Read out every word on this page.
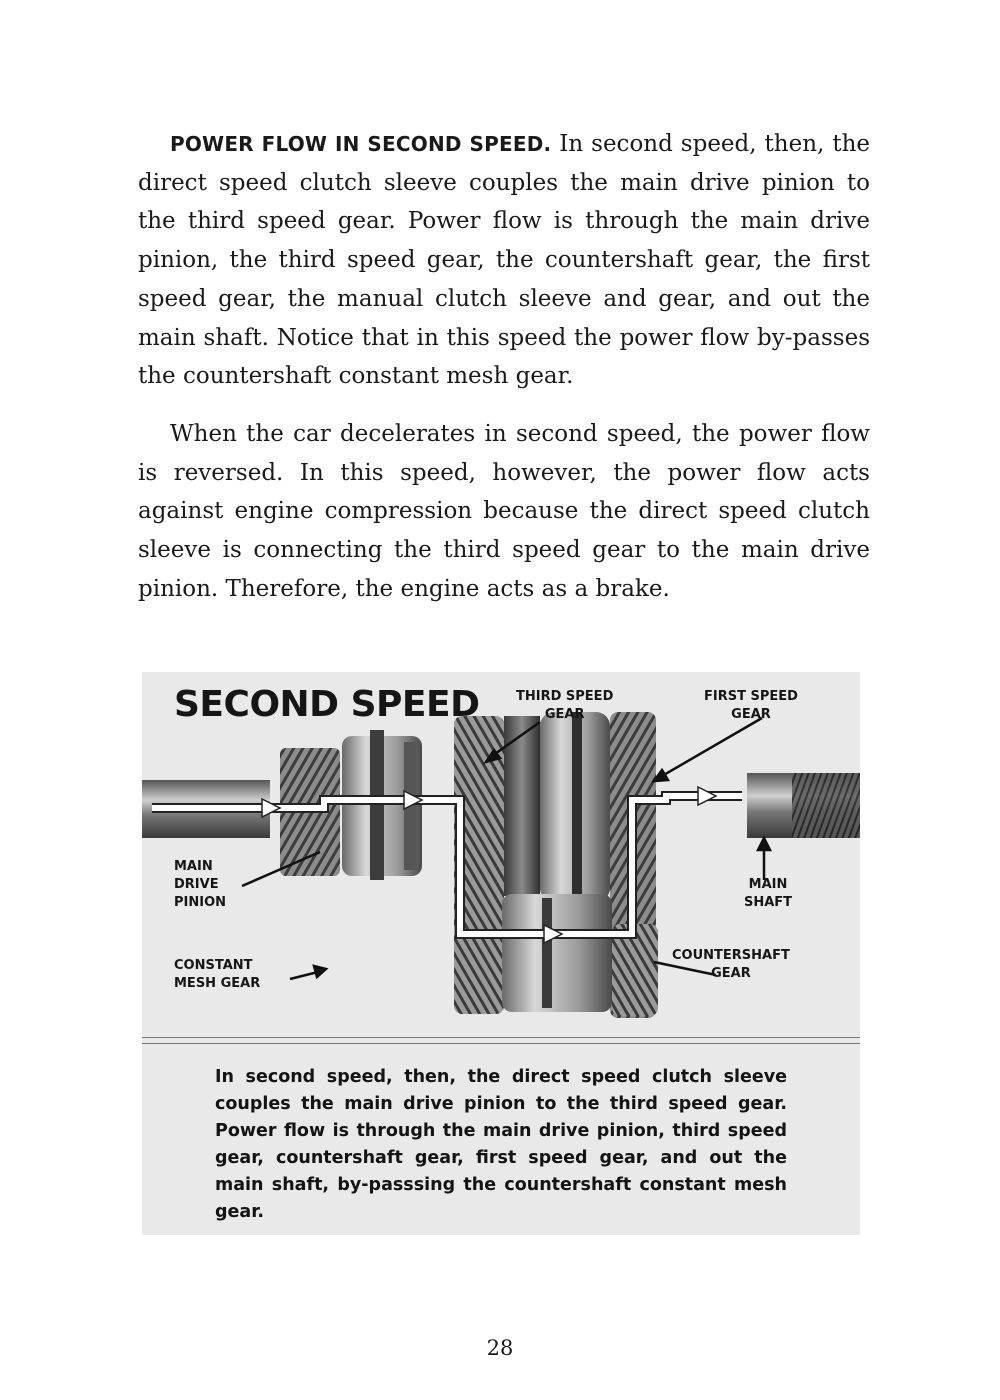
POWER FLOW IN SECOND SPEED. In second speed, then, the direct speed clutch sleeve couples the main drive pinion to the third speed gear. Power flow is through the main drive pinion, the third speed gear, the countershaft gear, the first speed gear, the manual clutch sleeve and gear, and out the main shaft. Notice that in this speed the power flow by-passes the countershaft constant mesh gear.

When the car decelerates in second speed, the power flow is reversed. In this speed, however, the power flow acts against engine compression because the direct speed clutch sleeve is connecting the third speed gear to the main drive pinion. Therefore, the engine acts as a brake.

SECOND SPEED	THIRD SPEED
GEAR

FIRST SPEED
GEAR

MAIN
DRIVE
PINION

MAIN
SHAFT

CONSTANT
MESH GEAR

COUNTERSHAFT
GEAR

In second speed, then, the direct speed clutch sleeve couples the main drive pinion to the third speed gear. Power flow is through the main drive pinion, third speed gear, countershaft gear, first speed gear, and out the main shaft, by-passsing the countershaft constant mesh gear.

28
